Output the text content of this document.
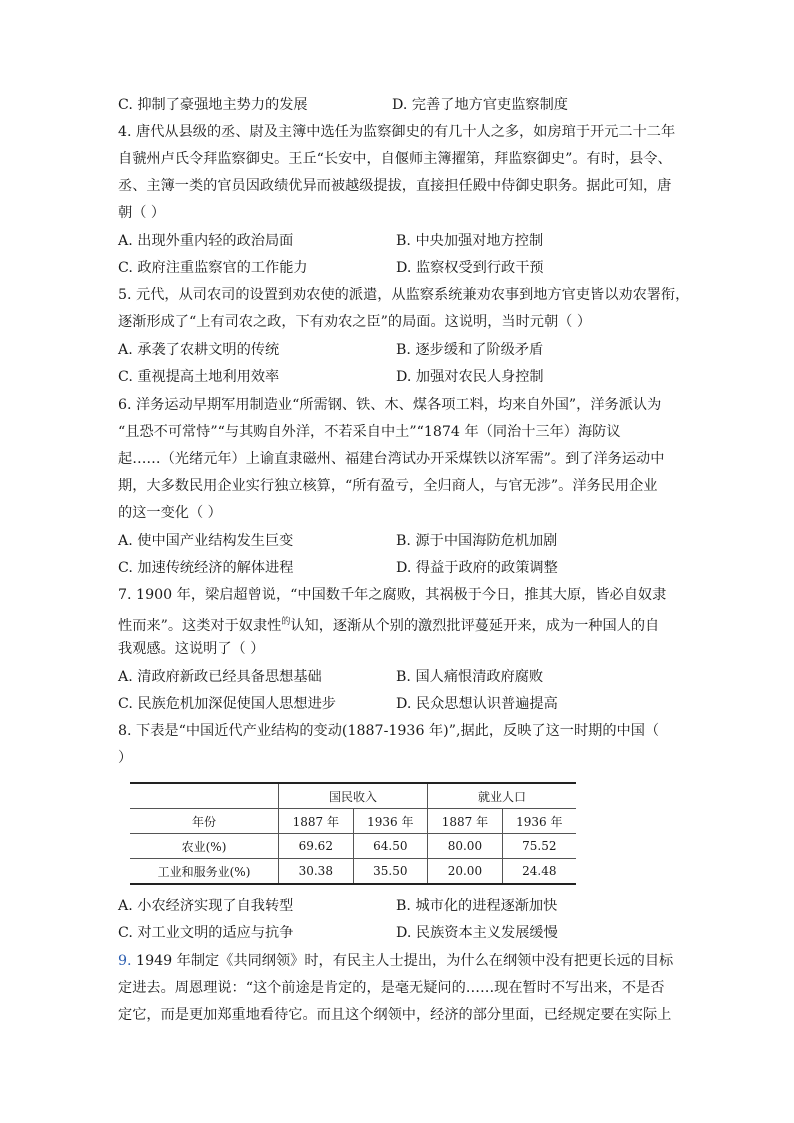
C. 抑制了豪强地主势力的发展	D. 完善了地方官吏监察制度
4. 唐代从县级的丞、尉及主簿中选任为监察御史的有几十人之多，如房琯于开元二十二年
自虢州卢氏令拜监察御史。王丘“长安中，自偃师主簿擢第，拜监察御史”。有时，县令、
丞、主簿一类的官员因政绩优异而被越级提拔，直接担任殿中侍御史职务。据此可知，唐
朝（ ）
A. 出现外重内轻的政治局面	B. 中央加强对地方控制
C. 政府注重监察官的工作能力	D. 监察权受到行政干预
5. 元代，从司农司的设置到劝农使的派遣，从监察系统兼劝农事到地方官吏皆以劝农署衔，
逐渐形成了“上有司农之政，下有劝农之臣”的局面。这说明，当时元朝（ ）
A. 承袭了农耕文明的传统	B. 逐步缓和了阶级矛盾
C. 重视提高土地利用效率	D. 加强对农民人身控制
6. 洋务运动早期军用制造业“所需钢、铁、木、煤各项工料，均来自外国”，洋务派认为
“且恐不可常恃”“与其购自外洋，不若采自中土”“1874 年（同治十三年）海防议
起……（光绪元年）上谕直隶磁州、福建台湾试办开采煤铁以济军需”。到了洋务运动中
期，大多数民用企业实行独立核算，“所有盈亏，全归商人，与官无涉”。洋务民用企业
的这一变化（ ）
A. 使中国产业结构发生巨变	B. 源于中国海防危机加剧
C. 加速传统经济的解体进程	D. 得益于政府的政策调整
7. 1900 年，梁启超曾说，“中国数千年之腐败，其祸极于今日，推其大原，皆必自奴隶
性而来”。这类对于奴隶性$^的$认知，逐渐从个别的激烈批评蔓延开来，成为一种国人的自
我观感。这说明了（ ）
A. 清政府新政已经具备思想基础	B. 国人痛恨清政府腐败
C. 民族危机加深促使国人思想进步	D. 民众思想认识普遍提高
8. 下表是“中国近代产业结构的变动(1887-1936 年)”,据此，反映了这一时期的中国（
）
	国民收入		就业人口	
年份	1887 年	1936 年	1887 年	1936 年
农业(%)	69.62	64.50	80.00	75.52
工业和服务业(%)	30.38	35.50	20.00	24.48
A. 小农经济实现了自我转型	B. 城市化的进程逐渐加快
C. 对工业文明的适应与抗争	D. 民族资本主义发展缓慢
9. 1949 年制定《共同纲领》时，有民主人士提出，为什么在纲领中没有把更长远的目标
定进去。周恩理说：“这个前途是肯定的，是毫无疑问的……现在暂时不写出来，不是否
定它，而是更加郑重地看待它。而且这个纲领中，经济的部分里面，已经规定要在实际上
